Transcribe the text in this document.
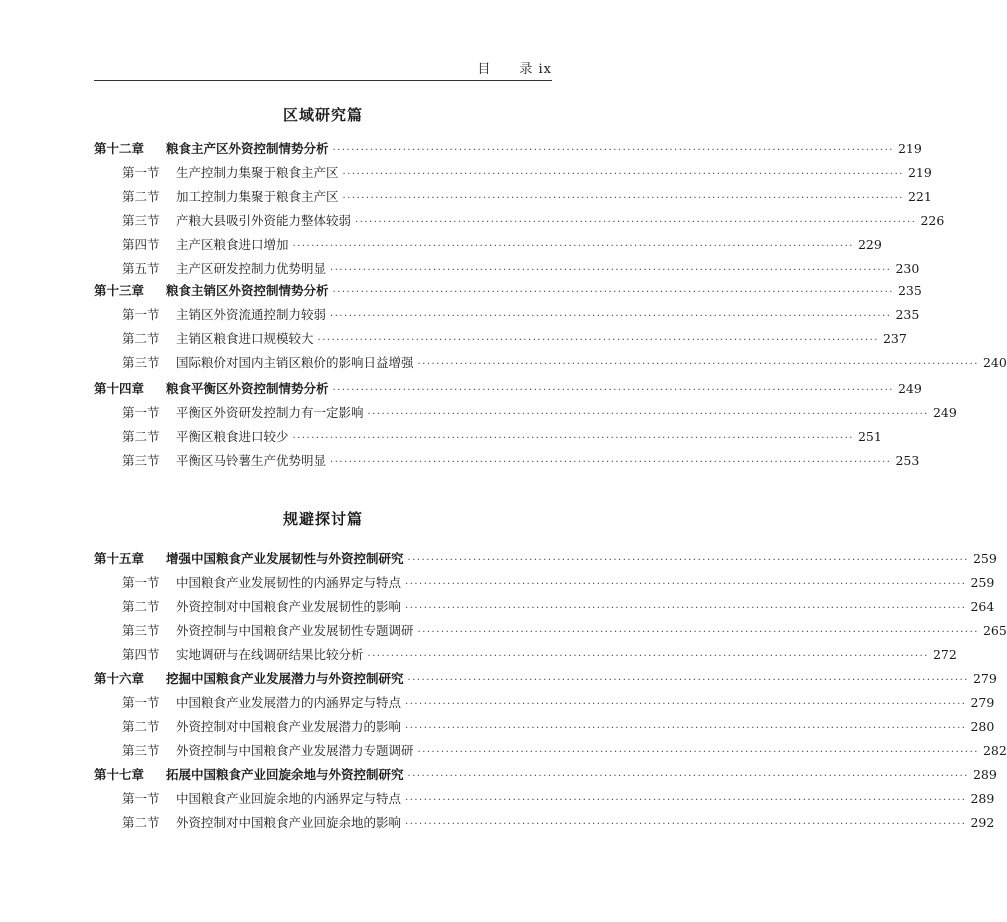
目　　录 ix
区域研究篇
第十二章	粮食主产区外资控制情势分析 ························································································································ 219
第一节	生产控制力集聚于粮食主产区 ························································································································ 219
第二节	加工控制力集聚于粮食主产区 ························································································································ 221
第三节	产粮大县吸引外资能力整体较弱 ························································································································ 226
第四节	主产区粮食进口增加 ························································································································ 229
第五节	主产区研发控制力优势明显 ························································································································ 230
第十三章	粮食主销区外资控制情势分析 ························································································································ 235
第一节	主销区外资流通控制力较弱 ························································································································ 235
第二节	主销区粮食进口规模较大 ························································································································ 237
第三节	国际粮价对国内主销区粮价的影响日益增强 ························································································································ 240
第十四章	粮食平衡区外资控制情势分析 ························································································································ 249
第一节	平衡区外资研发控制力有一定影响 ························································································································ 249
第二节	平衡区粮食进口较少 ························································································································ 251
第三节	平衡区马铃薯生产优势明显 ························································································································ 253
规避探讨篇
第十五章	增强中国粮食产业发展韧性与外资控制研究 ························································································································ 259
第一节	中国粮食产业发展韧性的内涵界定与特点 ························································································································ 259
第二节	外资控制对中国粮食产业发展韧性的影响 ························································································································ 264
第三节	外资控制与中国粮食产业发展韧性专题调研 ························································································································ 265
第四节	实地调研与在线调研结果比较分析 ························································································································ 272
第十六章	挖掘中国粮食产业发展潜力与外资控制研究 ························································································································ 279
第一节	中国粮食产业发展潜力的内涵界定与特点 ························································································································ 279
第二节	外资控制对中国粮食产业发展潜力的影响 ························································································································ 280
第三节	外资控制与中国粮食产业发展潜力专题调研 ························································································································ 282
第十七章	拓展中国粮食产业回旋余地与外资控制研究 ························································································································ 289
第一节	中国粮食产业回旋余地的内涵界定与特点 ························································································································ 289
第二节	外资控制对中国粮食产业回旋余地的影响 ························································································································ 292
